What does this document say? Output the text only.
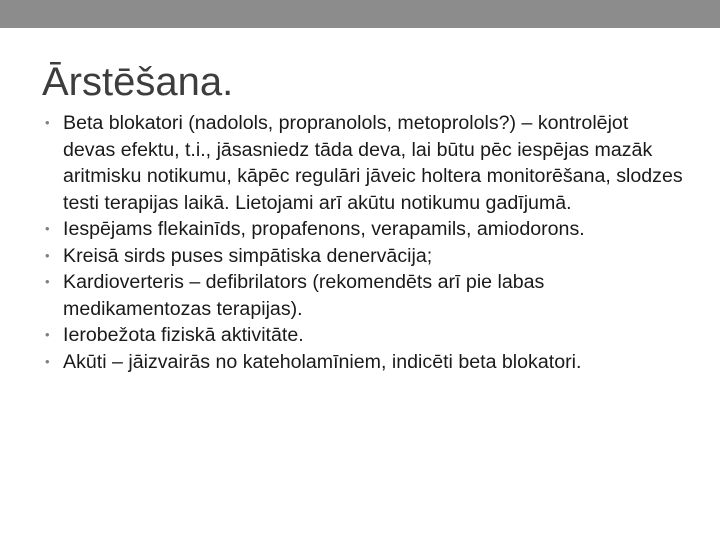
Ārstēšana.
• Beta blokatori (nadolols, propranolols, metoprolols?) – kontrolējot devas efektu, t.i., jāsasniedz tāda deva, lai būtu pēc iespējas mazāk aritmisku notikumu, kāpēc regulāri jāveic holtera monitorēšana, slodzes testi terapijas laikā. Lietojami arī akūtu notikumu gadījumā.
• Iespējams flekainīds, propafenons, verapamils, amiodorons.
• Kreisā sirds puses simpātiska denervācija;
• Kardioverteris – defibrilators (rekomendēts arī pie labas medikamentozas terapijas).
• Ierobežota fiziskā aktivitāte.
• Akūti – jāizvairās no kateholamīniem, indicēti beta blokatori.
